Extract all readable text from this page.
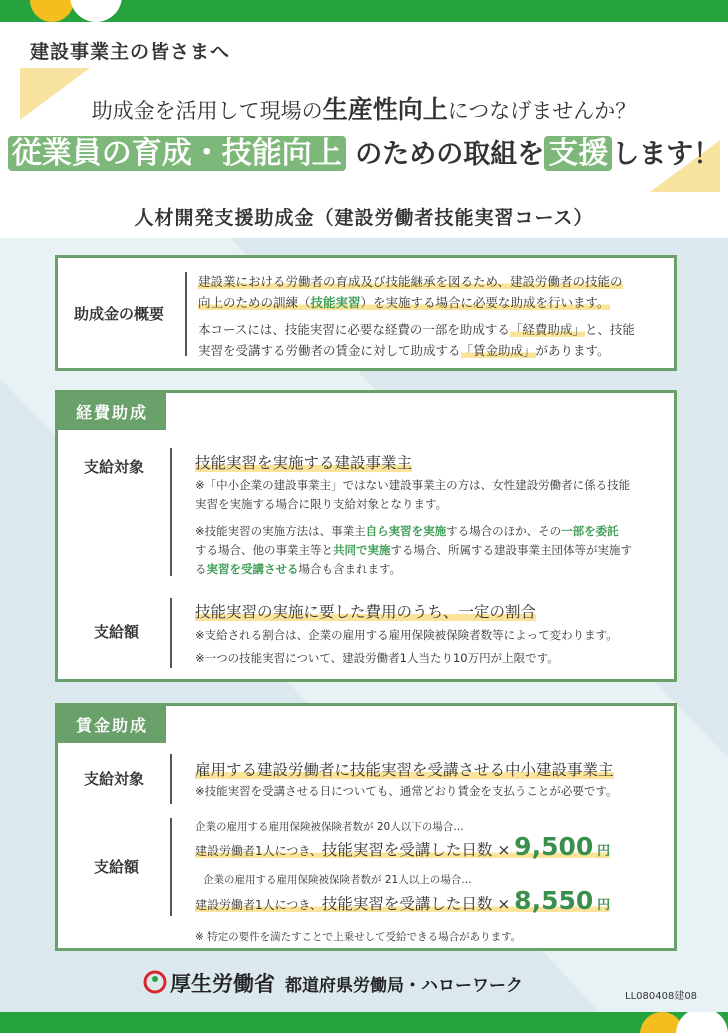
建設事業主の皆さまへ
助成金を活用して現場の生産性向上につなげませんか？
従業員の育成・技能向上 のための取組を 支援 します！
人材開発支援助成金（建設労働者技能実習コース）
助成金の概要

建設業における労働者の育成及び技能継承を図るため、建設労働者の技能の
向上のための訓練（技能実習）を実施する場合に必要な助成を行います。

本コースには、技能実習に必要な経費の一部を助成する「経費助成」と、技能
実習を受講する労働者の賃金に対して助成する「賃金助成」があります。

経費助成
支給対象	技能実習を実施する建設事業主
※「中小企業の建設事業主」ではない建設事業主の方は、女性建設労働者に係る技能
実習を実施する場合に限り支給対象となります。
※技能実習の実施方法は、事業主自ら実習を実施する場合のほか、その一部を委託
する場合、他の事業主等と共同で実施する場合、所属する建設事業主団体等が実施す
る実習を受講させる場合も含まれます。
支給額
技能実習の実施に要した費用のうち、一定の割合
※支給される割合は、企業の雇用する雇用保険被保険者数等によって変わります。
※一つの技能実習について、建設労働者1人当たり10万円が上限です。
賃金助成
支給対象	雇用する建設労働者に技能実習を受講させる中小建設事業主
※技能実習を受講させる日についても、通常どおり賃金を支払うことが必要です。
支給額
企業の雇用する雇用保険被保険者数が 20人以下の場合…
建設労働者1人につき、技能実習を受講した日数 × 9,500 円
企業の雇用する雇用保険被保険者数が 21人以上の場合…
建設労働者1人につき、技能実習を受講した日数 × 8,550 円
※ 特定の要件を満たすことで上乗せして受給できる場合があります。
厚生労働省 都道府県労働局・ハローワーク
LL080408建08
